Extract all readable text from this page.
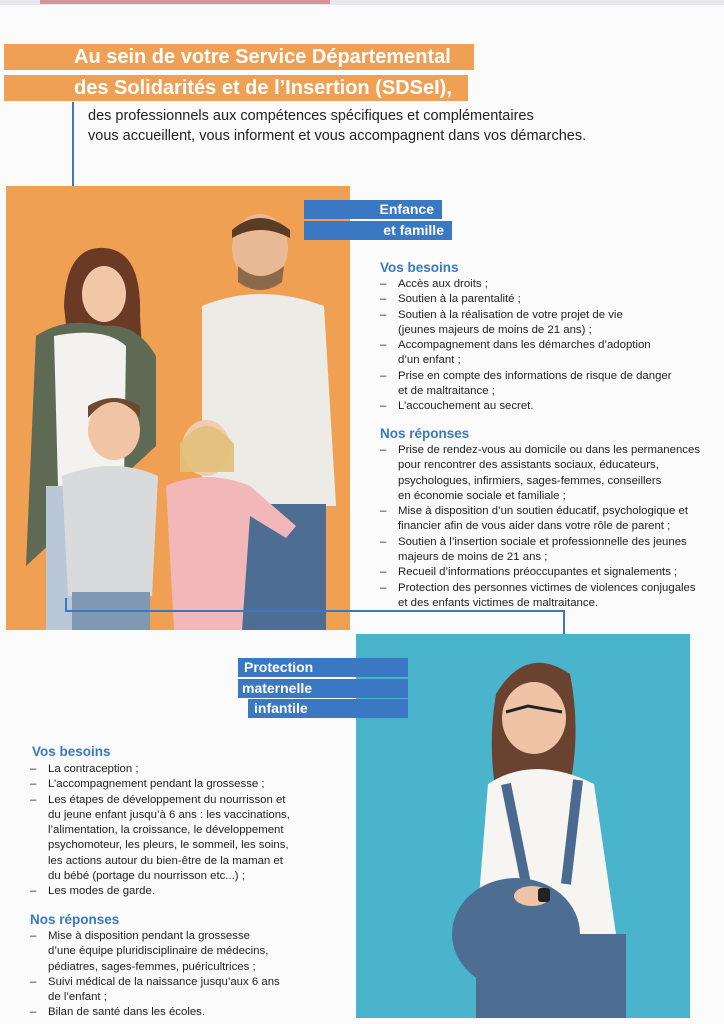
Au sein de votre Service Départemental
des Solidarités et de l’Insertion (SDSeI),
des professionnels aux compétences spécifiques et complémentaires
vous accueillent, vous informent et vous accompagnent dans vos démarches.
Enfance
et famille
Vos besoins
– Accès aux droits ;
– Soutien à la parentalité ;
– Soutien à la réalisation de votre projet de vie
(jeunes majeurs de moins de 21 ans) ;
– Accompagnement dans les démarches d’adoption
d’un enfant ;
– Prise en compte des informations de risque de danger
et de maltraitance ;
– L’accouchement au secret.
Nos réponses
– Prise de rendez-vous au domicile ou dans les permanences
pour rencontrer des assistants sociaux, éducateurs,
psychologues, infirmiers, sages-femmes, conseillers
en économie sociale et familiale ;
– Mise à disposition d’un soutien éducatif, psychologique et
financier afin de vous aider dans votre rôle de parent ;
– Soutien à l’insertion sociale et professionnelle des jeunes
majeurs de moins de 21 ans ;
– Recueil d’informations préoccupantes et signalements ;
– Protection des personnes victimes de violences conjugales
et des enfants victimes de maltraitance.
Protection
maternelle
infantile
Vos besoins
– La contraception ;
– L’accompagnement pendant la grossesse ;
– Les étapes de développement du nourrisson et
du jeune enfant jusqu’à 6 ans : les vaccinations,
l’alimentation, la croissance, le développement
psychomoteur, les pleurs, le sommeil, les soins,
les actions autour du bien-être de la maman et
du bébé (portage du nourrisson etc...) ;
– Les modes de garde.
Nos réponses
– Mise à disposition pendant la grossesse
d’une équipe pluridisciplinaire de médecins,
pédiatres, sages-femmes, puéricultrices ;
– Suivi médical de la naissance jusqu’aux 6 ans
de l’enfant ;
– Bilan de santé dans les écoles.
